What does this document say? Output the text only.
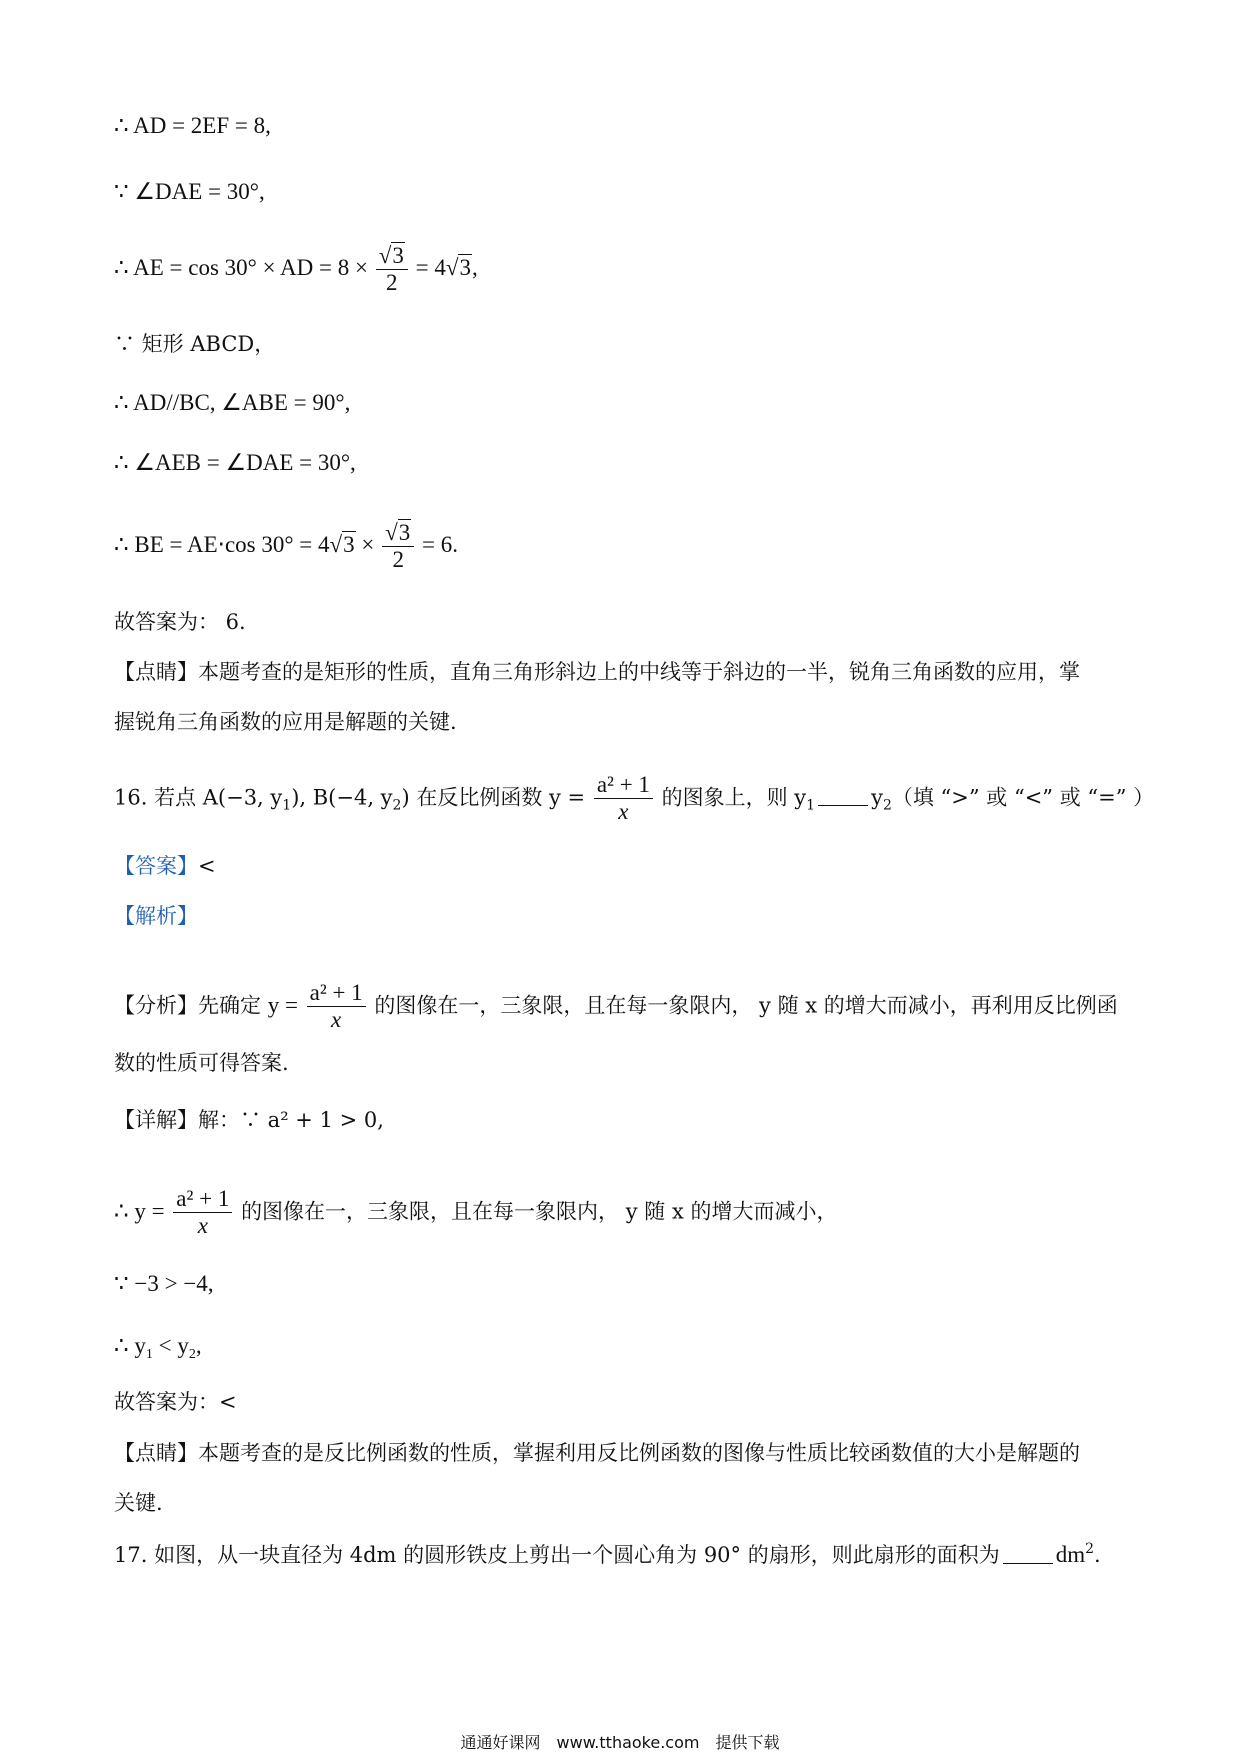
∴ AD = 2EF = 8,
∵ ∠DAE = 30°,
∴ AE = cos 30° × AD = $8 \times \frac{√3}{2} = 4√3$,
∵ 矩形 ABCD，
∴ AD//BC, ∠ABE = 90°,
∴ ∠AEB = ∠DAE = 30°,
∴ BE = AE⋅cos $30^\circ = 4√3 \times \frac{√3}{2} = 6$.
故答案为： 6.
【点睛】本题考查的是矩形的性质，直角三角形斜边上的中线等于斜边的一半，锐角三角函数的应用，掌
握锐角三角函数的应用是解题的关键.
16. 若点 A(−3, $y_1$), B(−4, $y_2$) 在反比例函数 $y = \frac{\text{a² + 1}}{x}$ 的图象上，则 $y_1$	$y_2$（填 “>” 或 “<” 或 “=” ）
【答案】<
【解析】
【分析】先确定 $y = \frac{\text{a² + 1}}{x}$ 的图像在一，三象限，且在每一象限内， y 随 x 的增大而减小，再利用反比例函
数的性质可得答案.
【详解】解：∵ a² + 1 > 0,
∴ $y = \frac{\text{a² + 1}}{x}$ 的图像在一，三象限，且在每一象限内， y 随 x 的增大而减小，
∵ −3 > −4,
∴ $y_1 < y_2$,
故答案为：<
【点睛】本题考查的是反比例函数的性质，掌握利用反比例函数的图像与性质比较函数值的大小是解题的
关键.
17. 如图，从一块直径为 4dm 的圆形铁皮上剪出一个圆心角为 90° 的扇形，则此扇形的面积为 $dm^2$.
通通好课网　www.tthaoke.com　提供下载
